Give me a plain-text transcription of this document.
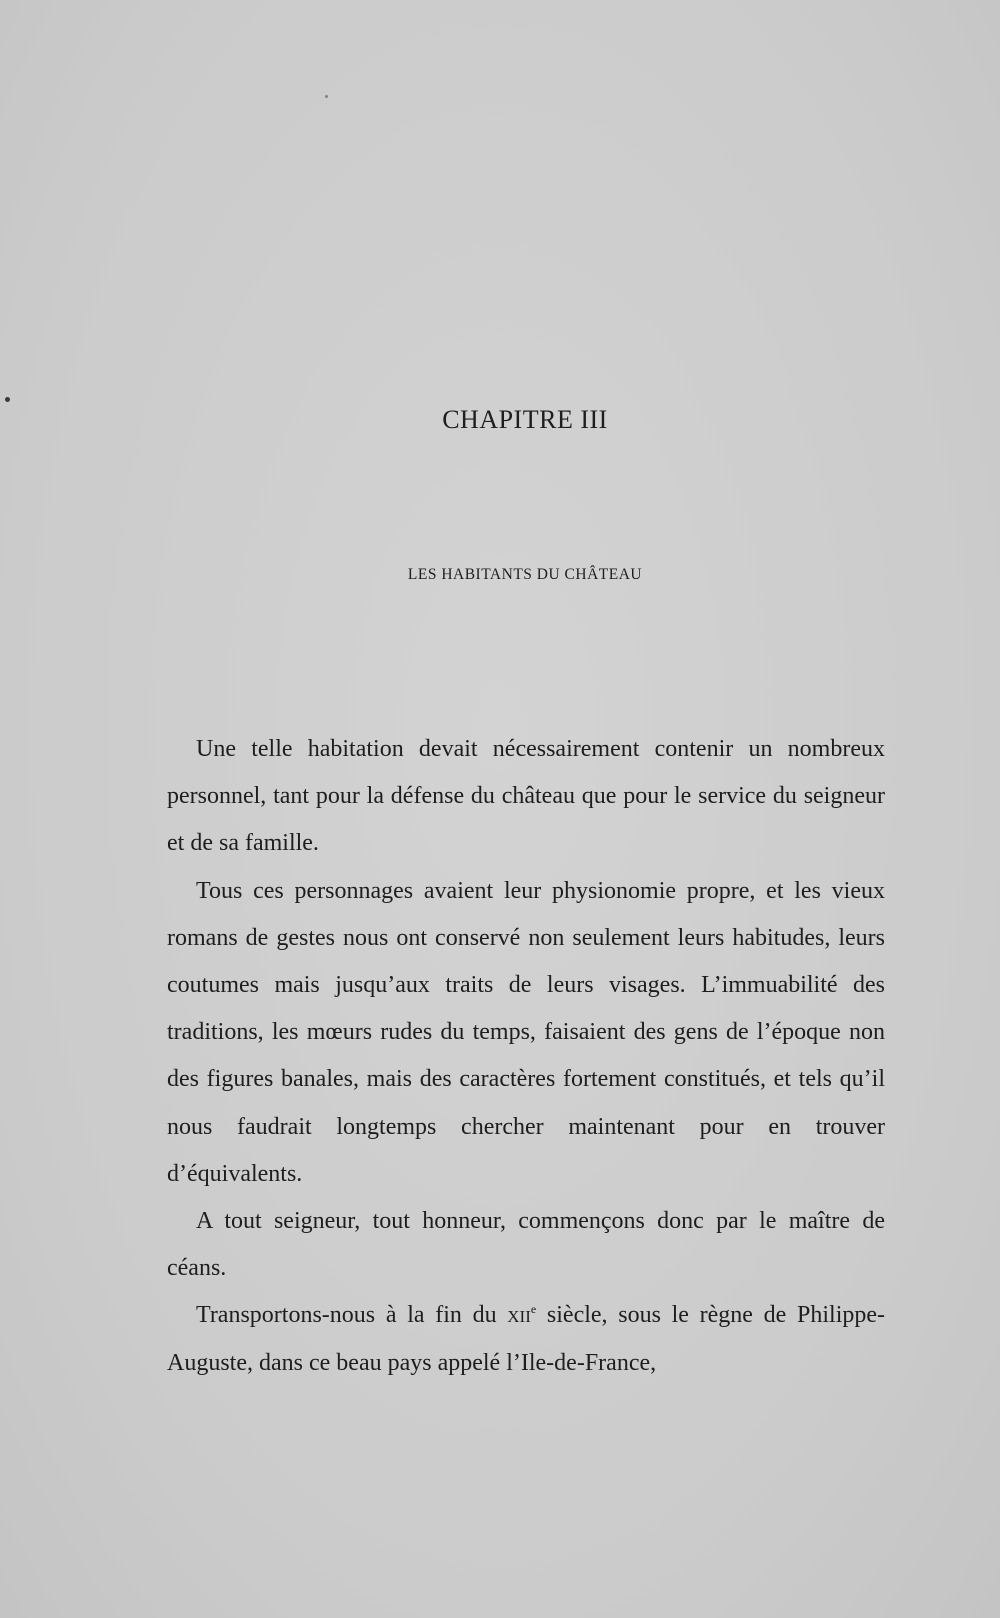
CHAPITRE III
LES HABITANTS DU CHÂTEAU

Une telle habitation devait nécessairement contenir un nombreux personnel, tant pour la défense du château que pour le service du seigneur et de sa famille.

Tous ces personnages avaient leur physionomie propre, et les vieux romans de gestes nous ont conservé non seulement leurs habitudes, leurs coutumes mais jusqu’aux traits de leurs visages. L’immuabilité des traditions, les mœurs rudes du temps, faisaient des gens de l’époque non des figures banales, mais des caractères fortement constitués, et tels qu’il nous faudrait longtemps chercher maintenant pour en trouver d’équivalents.

A tout seigneur, tout honneur, commençons donc par le maître de céans.

Transportons-nous à la fin du xii$^e$ siècle, sous le règne de Philippe-Auguste, dans ce beau pays appelé l’Ile-de-France,
